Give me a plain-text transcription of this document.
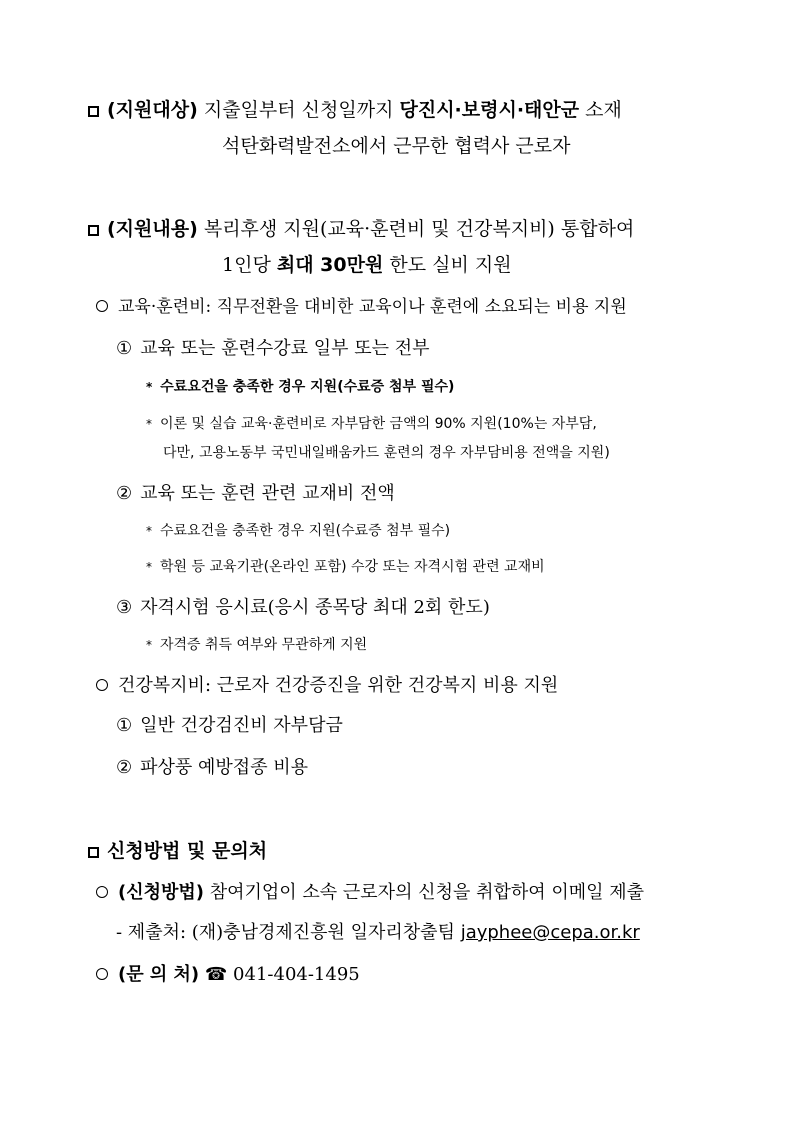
(지원대상) 지출일부터 신청일까지 당진시·보령시·태안군 소재
석탄화력발전소에서 근무한 협력사 근로자
(지원내용) 복리후생 지원(교육·훈련비 및 건강복지비) 통합하여
1인당 최대 30만원 한도 실비 지원
교육·훈련비: 직무전환을 대비한 교육이나 훈련에 소요되는 비용 지원
① 교육 또는 훈련수강료 일부 또는 전부
* 수료요건을 충족한 경우 지원(수료증 첨부 필수)
* 이론 및 실습 교육·훈련비로 자부담한 금액의 90% 지원(10%는 자부담,
다만, 고용노동부 국민내일배움카드 훈련의 경우 자부담비용 전액을 지원)
② 교육 또는 훈련 관련 교재비 전액
* 수료요건을 충족한 경우 지원(수료증 첨부 필수)
* 학원 등 교육기관(온라인 포함) 수강 또는 자격시험 관련 교재비
③ 자격시험 응시료(응시 종목당 최대 2회 한도)
* 자격증 취득 여부와 무관하게 지원
건강복지비: 근로자 건강증진을 위한 건강복지 비용 지원
① 일반 건강검진비 자부담금
② 파상풍 예방접종 비용
신청방법 및 문의처
(신청방법) 참여기업이 소속 근로자의 신청을 취합하여 이메일 제출
- 제출처: (재)충남경제진흥원 일자리창출팀 jayphee@cepa.or.kr
(문 의 처) ☎ 041-404-1495
